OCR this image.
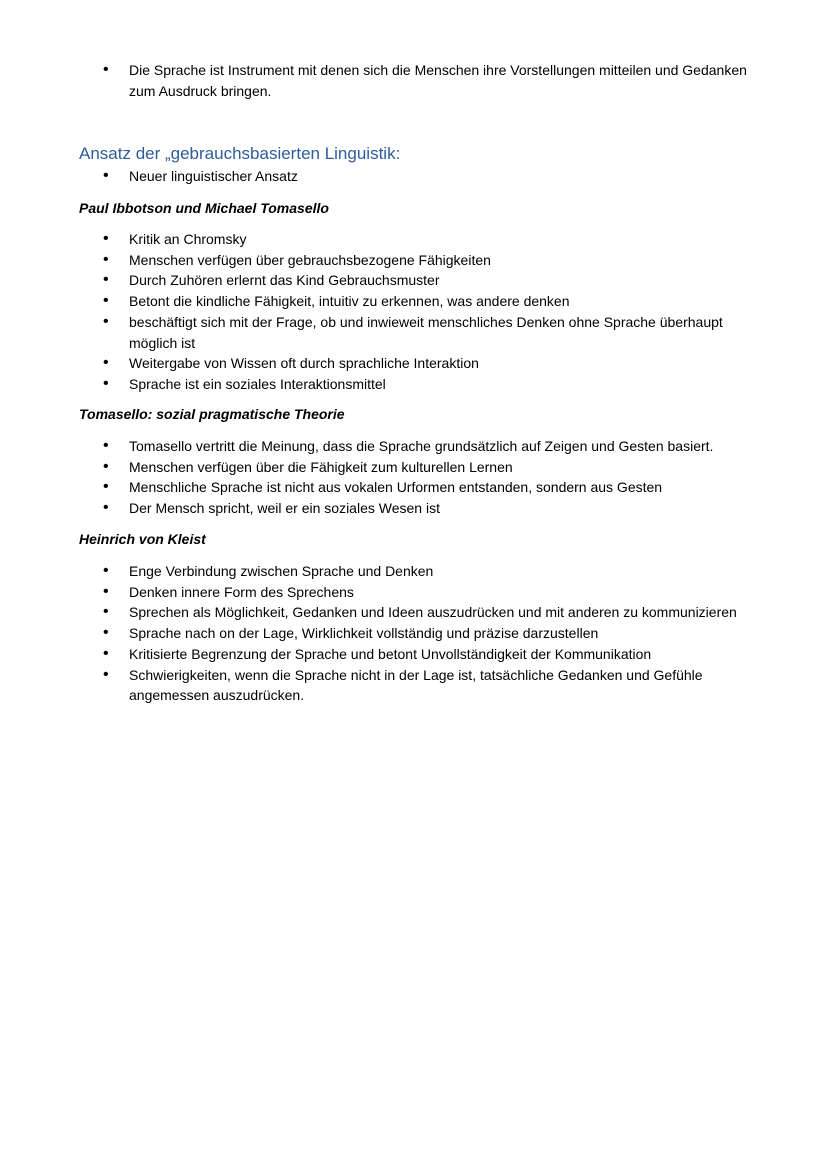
• Die Sprache ist Instrument mit denen sich die Menschen ihre Vorstellungen mitteilen und Gedanken zum Ausdruck bringen.
Ansatz der „gebrauchsbasierten Linguistik:
• Neuer linguistischer Ansatz
Paul Ibbotson und Michael Tomasello
• Kritik an Chromsky
• Menschen verfügen über gebrauchsbezogene Fähigkeiten
• Durch Zuhören erlernt das Kind Gebrauchsmuster
• Betont die kindliche Fähigkeit, intuitiv zu erkennen, was andere denken
• beschäftigt sich mit der Frage, ob und inwieweit menschliches Denken ohne Sprache überhaupt möglich ist
• Weitergabe von Wissen oft durch sprachliche Interaktion
• Sprache ist ein soziales Interaktionsmittel
Tomasello: sozial pragmatische Theorie
• Tomasello vertritt die Meinung, dass die Sprache grundsätzlich auf Zeigen und Gesten basiert.
• Menschen verfügen über die Fähigkeit zum kulturellen Lernen
• Menschliche Sprache ist nicht aus vokalen Urformen entstanden, sondern aus Gesten
• Der Mensch spricht, weil er ein soziales Wesen ist
Heinrich von Kleist
• Enge Verbindung zwischen Sprache und Denken
• Denken innere Form des Sprechens
• Sprechen als Möglichkeit, Gedanken und Ideen auszudrücken und mit anderen zu kommunizieren
• Sprache nach on der Lage, Wirklichkeit vollständig und präzise darzustellen
• Kritisierte Begrenzung der Sprache und betont Unvollständigkeit der Kommunikation
• Schwierigkeiten, wenn die Sprache nicht in der Lage ist, tatsächliche Gedanken und Gefühle angemessen auszudrücken.
